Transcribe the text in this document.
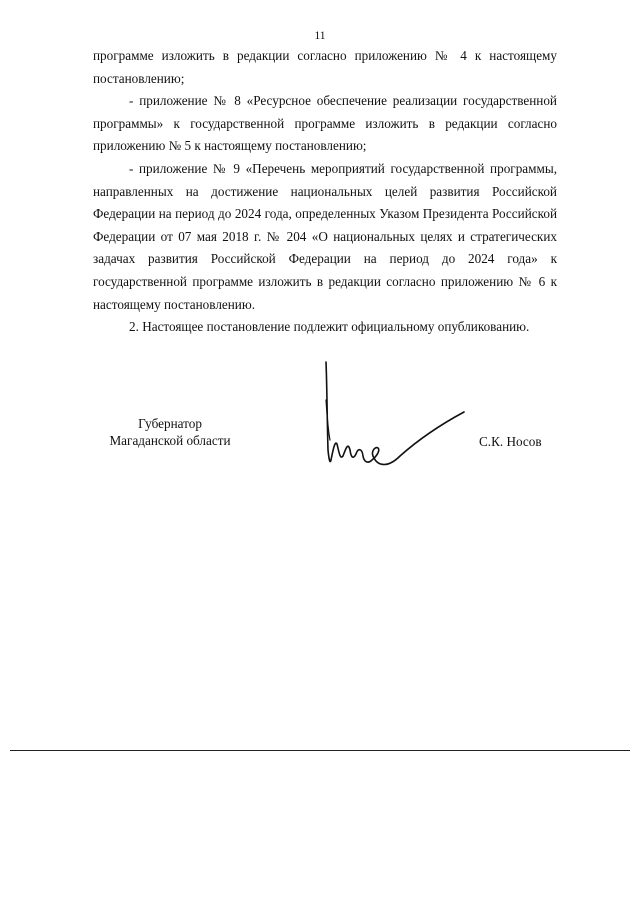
11

программе изложить в редакции согласно приложению № 4 к настоящему постановлению;

- приложение № 8 «Ресурсное обеспечение реализации государственной программы» к государственной программе изложить в редакции согласно приложению № 5 к настоящему постановлению;

- приложение № 9 «Перечень мероприятий государственной программы, направленных на достижение национальных целей развития Российской Федерации на период до 2024 года, определенных Указом Президента Российской Федерации от 07 мая 2018 г. № 204 «О национальных целях и стратегических задачах развития Российской Федерации на период до 2024 года» к государственной программе изложить в редакции согласно приложению № 6 к настоящему постановлению.

2. Настоящее постановление подлежит официальному опубликованию.

Губернатор
Магаданской области	С.К. Носов
